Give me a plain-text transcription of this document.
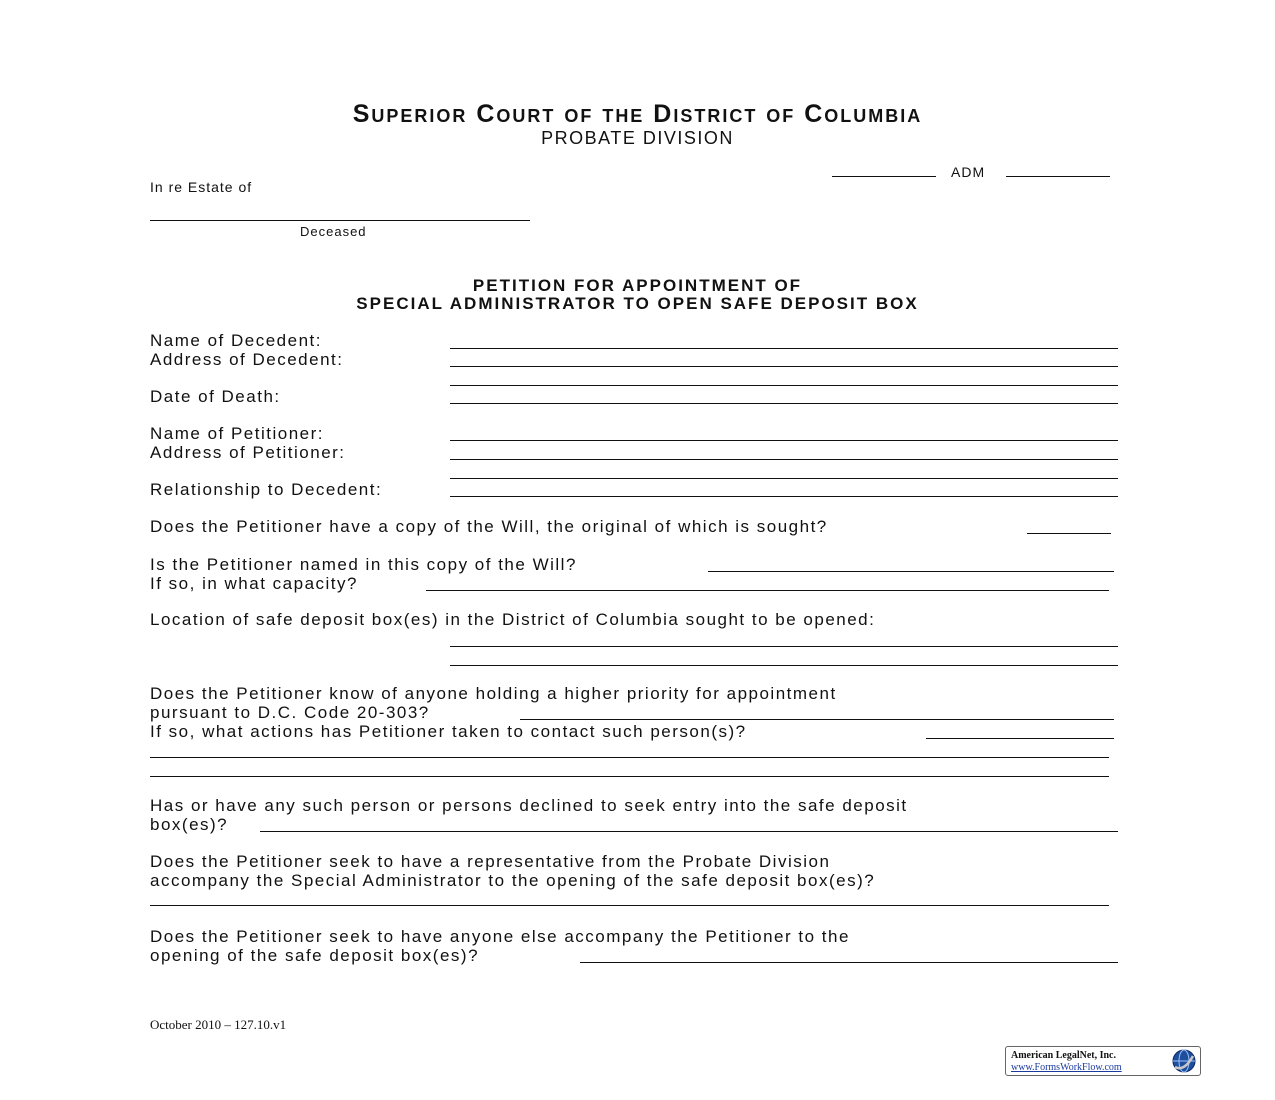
Superior Court of the District of Columbia
PROBATE DIVISION
ADM
In re Estate of
Deceased
PETITION FOR APPOINTMENT OF
SPECIAL ADMINISTRATOR TO OPEN SAFE DEPOSIT BOX
Name of Decedent:
Address of Decedent:
Date of Death:
Name of Petitioner:
Address of Petitioner:
Relationship to Decedent:
Does the Petitioner have a copy of the Will, the original of which is sought?
Is the Petitioner named in this copy of the Will?
If so, in what capacity?
Location of safe deposit box(es) in the District of Columbia sought to be opened:
Does the Petitioner know of anyone holding a higher priority for appointment
pursuant to D.C. Code 20-303?
If so, what actions has Petitioner taken to contact such person(s)?
Has or have any such person or persons declined to seek entry into the safe deposit
box(es)?
Does the Petitioner seek to have a representative from the Probate Division
accompany the Special Administrator to the opening of the safe deposit box(es)?
Does the Petitioner seek to have anyone else accompany the Petitioner to the
opening of the safe deposit box(es)?
October 2010 – 127.10.v1
American LegalNet, Inc.
www.FormsWorkFlow.com
